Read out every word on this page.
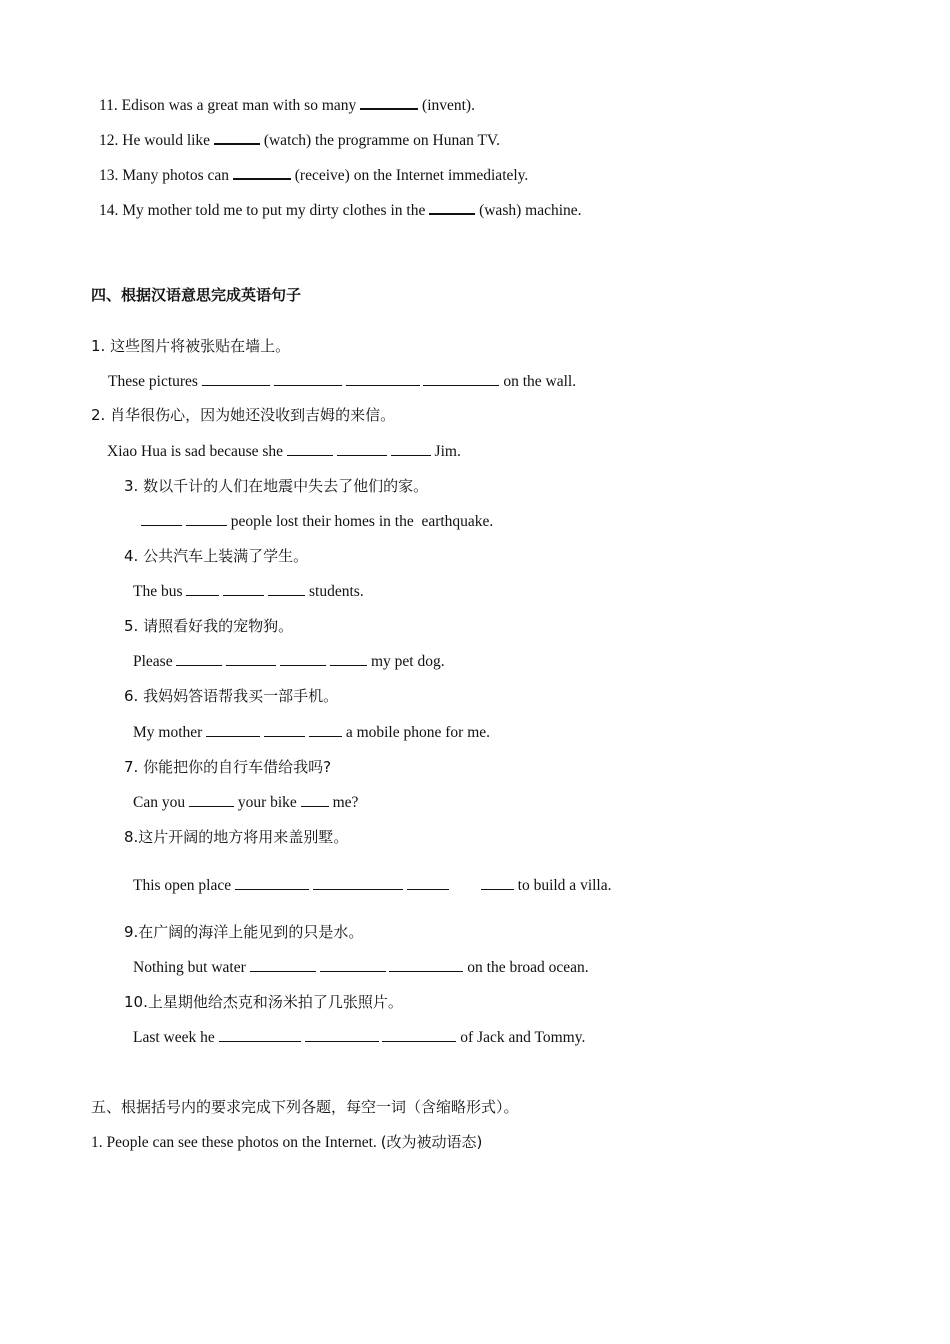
11. Edison was a great man with so many	(invent).
12. He would like	(watch) the programme on Hunan TV.
13. Many photos can	(receive) on the Internet immediately.
14. My mother told me to put my dirty clothes in the	(wash) machine.
四、根据汉语意思完成英语句子
1. 这些图片将被张贴在墙上。
These pictures	on the wall.
2. 肖华很伤心，因为她还没收到吉姆的来信。
Xiao Hua is sad because she	Jim.
3. 数以千计的人们在地震中失去了他们的家。
people lost their homes in the  earthquake.
4. 公共汽车上装满了学生。
The bus	students.
5. 请照看好我的宠物狗。
Please	my pet dog.
6. 我妈妈答语帮我买一部手机。
My mother	a mobile phone for me.
7. 你能把你的自行车借给我吗?
Can you	your bike  me?
8.这片开阔的地方将用来盖别墅。
This open place	to build a villa.
9.在广阔的海洋上能见到的只是水。
Nothing but water	on the broad ocean.
10.上星期他给杰克和汤米拍了几张照片。
Last week he	of Jack and Tommy.
五、根据括号内的要求完成下列各题，每空一词（含缩略形式）。
1. People can see these photos on the Internet. (改为被动语态)
